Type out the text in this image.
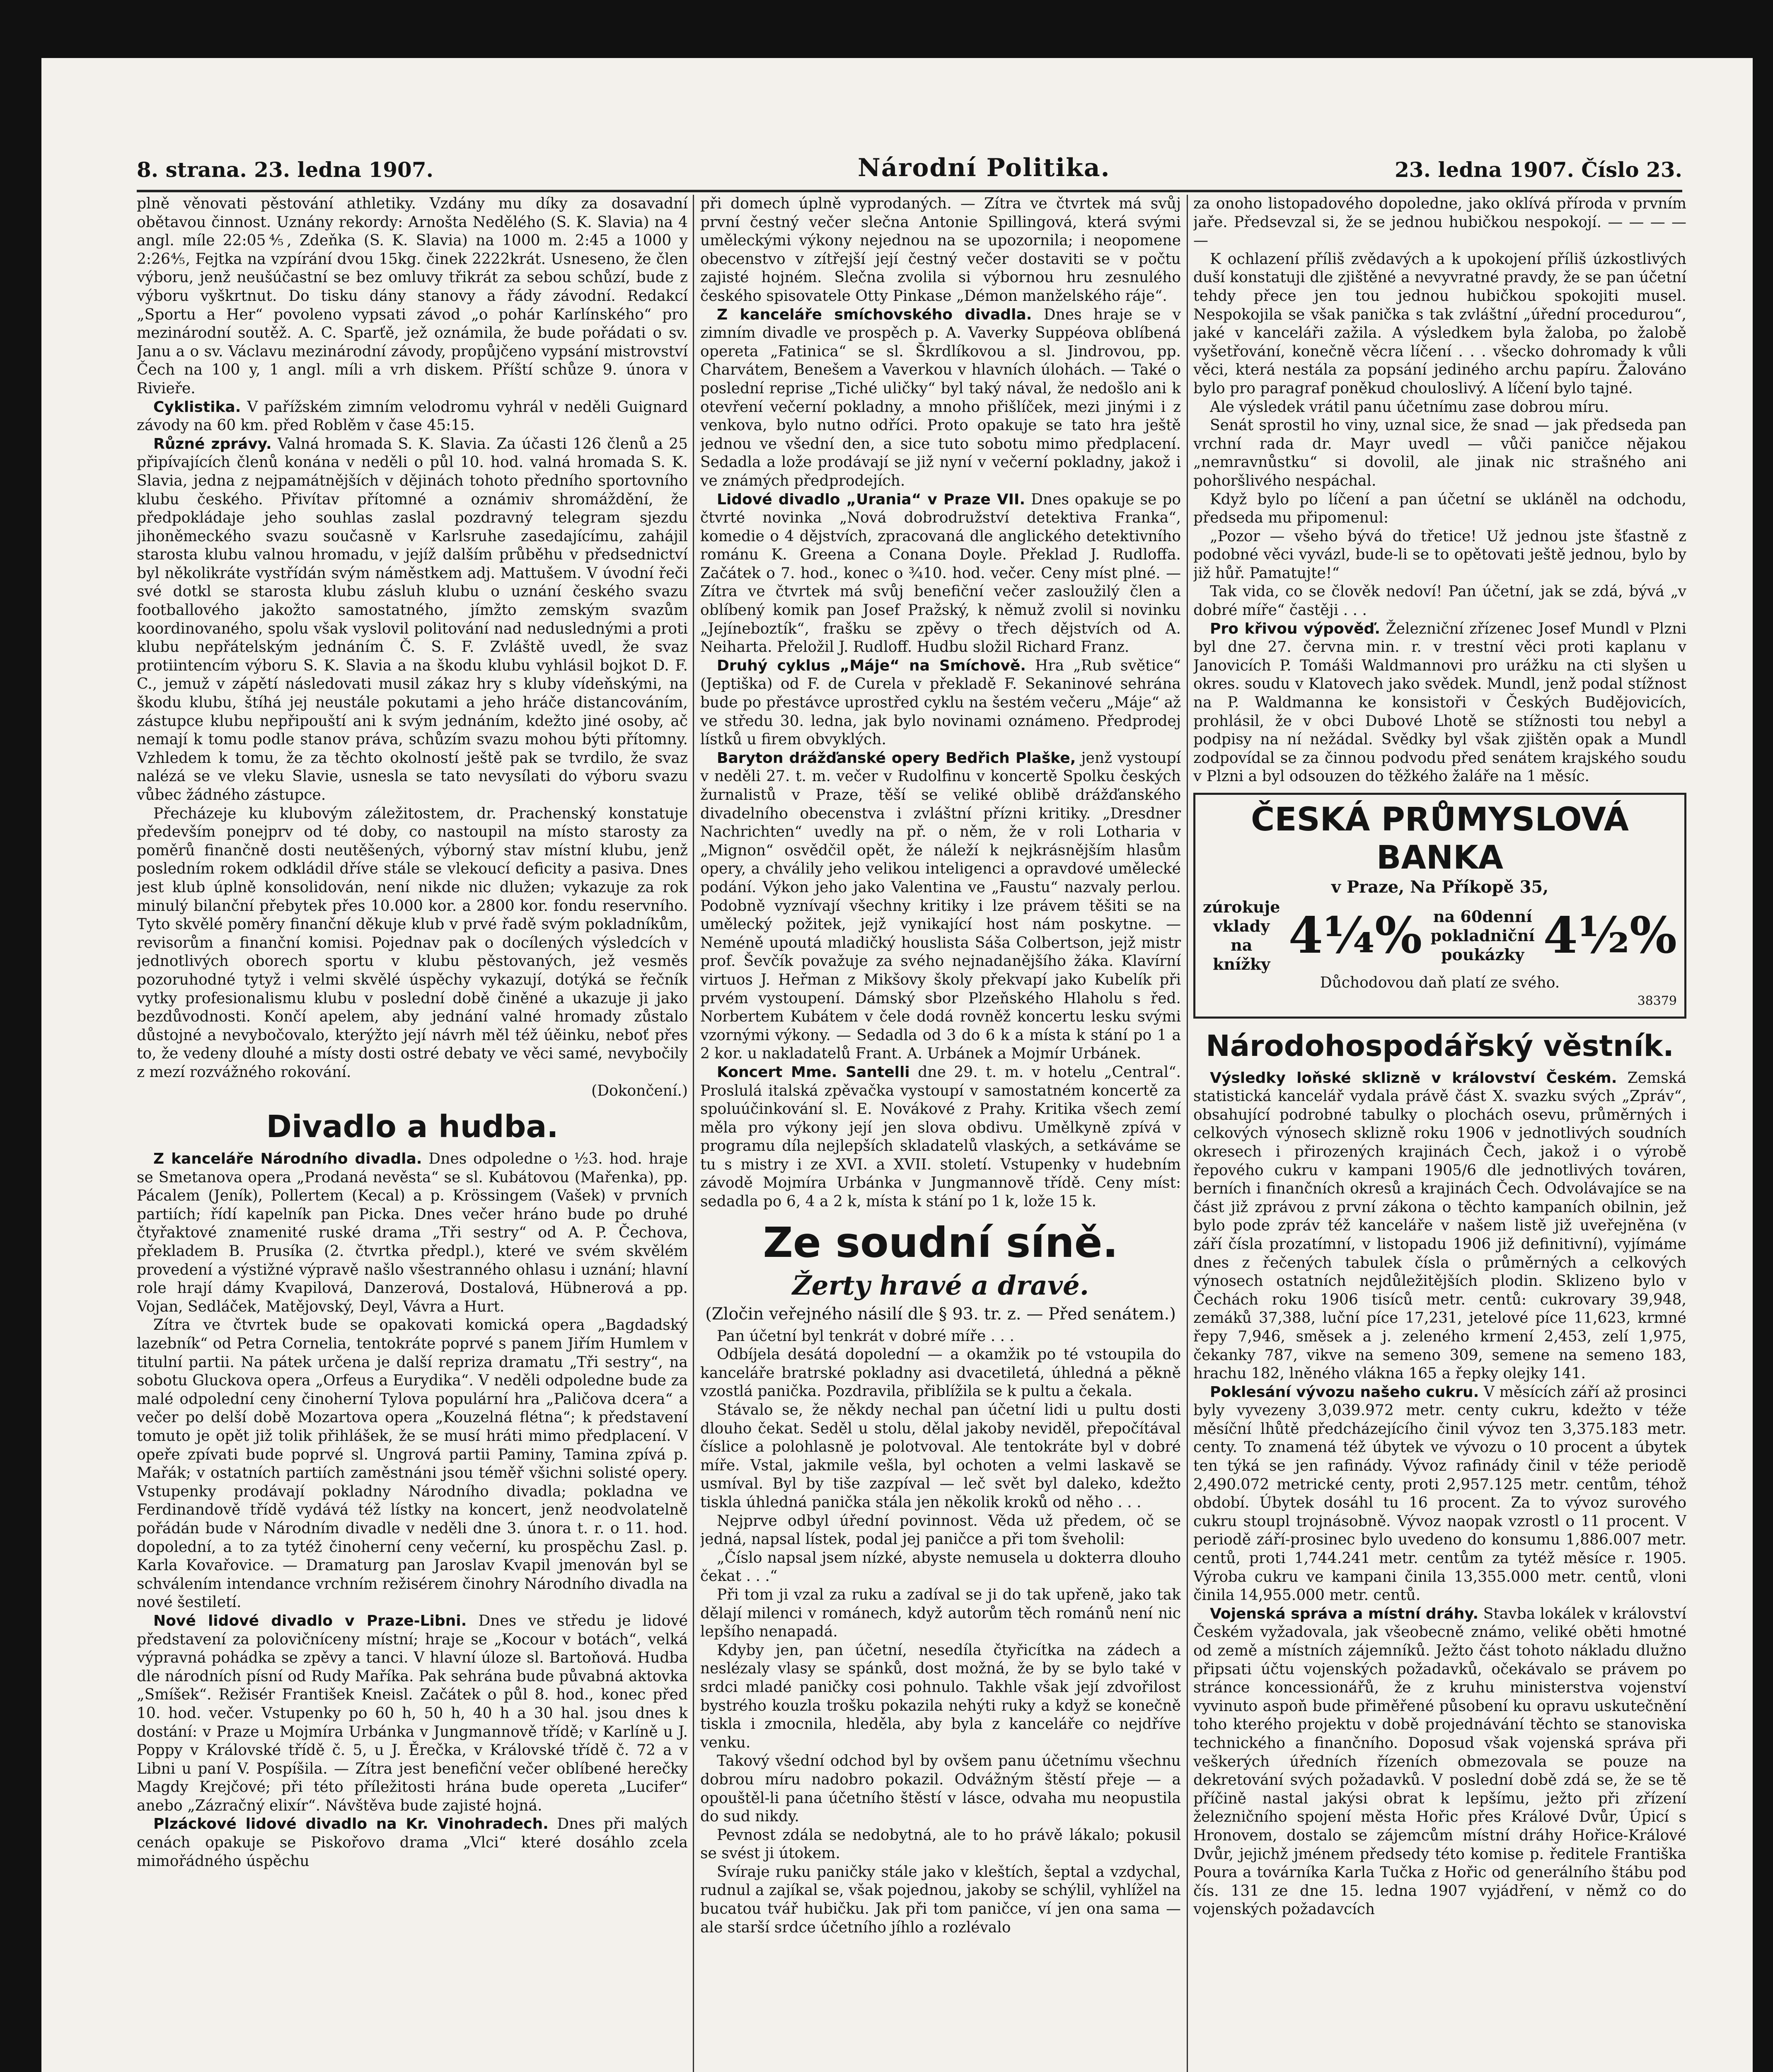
8. strana. 23. ledna 1907.	Národní Politika.	23. ledna 1907. Číslo 23.

plně věnovati pěstování athletiky. Vzdány mu díky za dosavadní obětavou činnost. Uznány rekordy: Arnošta Nedělého (S. K. Slavia) na 4 angl. míle 22:05⅘, Zdeňka (S. K. Slavia) na 1000 m. 2:45 a 1000 y 2:26⅘, Fejtka na vzpírání dvou 15kg. činek 2222krát. Usneseno, že člen výboru, jenž neušúčastní se bez omluvy třikrát za sebou schůzí, bude z výboru vyškrtnut. Do tisku dány stanovy a řády závodní. Redakcí „Sportu a Her“ povoleno vypsati závod „o pohár Karlínského“ pro mezinárodní soutěž. A. C. Sparťě, jež oznámila, že bude pořádati o sv. Janu a o sv. Václavu mezinárodní závody, propůjčeno vypsání mistrovství Čech na 100 y, 1 angl. míli a vrh diskem. Příští schůze 9. února v Rivieře.

Cyklistika. V pařížském zimním velodromu vyhrál v neděli Guignard závody na 60 km. před Roblěm v čase 45:15.

Různé zprávy. Valná hromada S. K. Slavia. Za účasti 126 členů a 25 připívajících členů konána v neděli o půl 10. hod. valná hromada S. K. Slavia, jedna z nejpamátnějších v dějinách tohoto předního sportovního klubu českého. Přivítav přítomné a oznámiv shromáždění, že předpokládaje jeho souhlas zaslal pozdravný telegram sjezdu jihoněmeckého svazu současně v Karlsruhe zasedajícímu, zahájil starosta klubu valnou hromadu, v jejíž dalším průběhu v předsednictví byl několikráte vystřídán svým náměstkem adj. Mattušem. V úvodní řeči své dotkl se starosta klubu zásluh klubu o uznání českého svazu footballového jakožto samostatného, jímžto zemským svazům koordinovaného, spolu však vyslovil politování nad neduslednými a proti klubu nepřátelským jednáním Č. S. F. Zvláště uvedl, že svaz protiintencím výboru S. K. Slavia a na škodu klubu vyhlásil bojkot D. F. C., jemuž v zápětí následovati musil zákaz hry s kluby vídeňskými, na škodu klubu, štíhá jej neustále pokutami a jeho hráče distancováním, zástupce klubu nepřipouští ani k svým jednáním, kdežto jiné osoby, ač nemají k tomu podle stanov práva, schůzím svazu mohou býti přítomny. Vzhledem k tomu, že za těchto okolností ještě pak se tvrdilo, že svaz nalézá se ve vleku Slavie, usnesla se tato nevysílati do výboru svazu vůbec žádného zástupce.

Přecházeje ku klubovým záležitostem, dr. Prachenský konstatuje především ponejprv od té doby, co nastoupil na místo starosty za poměrů finančně dosti neutěšených, výborný stav místní klubu, jenž posledním rokem odkládil dříve stále se vlekoucí deficity a pasiva. Dnes jest klub úplně konsolidován, není nikde nic dlužen; vykazuje za rok minulý bilanční přebytek přes 10.000 kor. a 2800 kor. fondu reservního. Tyto skvělé poměry finanční děkuje klub v prvé řadě svým pokladníkům, revisorům a finanční komisi. Pojednav pak o docílených výsledcích v jednotlivých oborech sportu v klubu pěstovaných, jež vesměs pozoruhodné tytyž i velmi skvělé úspěchy vykazují, dotýká se řečník vytky profesionalismu klubu v poslední době činěné a ukazuje ji jako bezdůvodnosti. Končí apelem, aby jednání valné hromady zůstalo důstojné a nevybočovalo, kterýžto její návrh měl též úěinku, neboť přes to, že vedeny dlouhé a místy dosti ostré debaty ve věci samé, nevybočily z mezí rozvážného rokování.

(Dokončení.)

Divadlo a hudba.

Z kanceláře Národního divadla. Dnes odpoledne o ½3. hod. hraje se Smetanova opera „Prodaná nevěsta“ se sl. Kubátovou (Mařenka), pp. Pácalem (Jeník), Pollertem (Kecal) a p. Krössingem (Vašek) v prvních partiích; řídí kapelník pan Picka. Dnes večer hráno bude po druhé čtyřaktové znamenité ruské drama „Tři sestry“ od A. P. Čechova, překladem B. Prusíka (2. čtvrtka předpl.), které ve svém skvělém provedení a výstižné výpravě našlo všestranného ohlasu i uznání; hlavní role hrají dámy Kvapilová, Danzerová, Dostalová, Hübnerová a pp. Vojan, Sedláček, Matějovský, Deyl, Vávra a Hurt.

Zítra ve čtvrtek bude se opakovati komická opera „Bagdadský lazebník“ od Petra Cornelia, tentokráte poprvé s panem Jiřím Humlem v titulní partii. Na pátek určena je další repriza dramatu „Tři sestry“, na sobotu Gluckova opera „Orfeus a Eurydika“. V neděli odpoledne bude za malé odpolední ceny činoherní Tylova populární hra „Paličova dcera“ a večer po delší době Mozartova opera „Kouzelná flétna“; k představení tomuto je opět již tolik přihlášek, že se musí hráti mimo předplacení. V opeře zpívati bude poprvé sl. Ungrová partii Paminy, Tamina zpívá p. Mařák; v ostatních partiích zaměstnáni jsou téměř všichni solisté opery. Vstupenky prodávají pokladny Národního divadla; pokladna ve Ferdinandově třídě vydává též lístky na koncert, jenž neodvolatelně pořádán bude v Národním divadle v neděli dne 3. února t. r. o 11. hod. dopolední, a to za tytéž činoherní ceny večerní, ku prospěchu Zasl. p. Karla Kovařovice. — Dramaturg pan Jaroslav Kvapil jmenován byl se schválením intendance vrchním režisérem činohry Národního divadla na nové šestiletí.

Nové lidové divadlo v Praze-Libni. Dnes ve středu je lidové představení za polovičníceny místní; hraje se „Kocour v botách“, velká výpravná pohádka se zpěvy a tanci. V hlavní úloze sl. Bartoňová. Hudba dle národních písní od Rudy Maříka. Pak sehrána bude půvabná aktovka „Smíšek“. Režisér František Kneisl. Začátek o půl 8. hod., konec před 10. hod. večer. Vstupenky po 60 h, 50 h, 40 h a 30 hal. jsou dnes k dostání: v Praze u Mojmíra Urbánka v Jungmannově třídě; v Karlíně u J. Poppy v Královské třídě č. 5, u J. Ěrečka, v Královské třídě č. 72 a v Libni u paní V. Pospíšila. — Zítra jest benefiční večer oblíbené herečky Magdy Krejčové; při této příležitosti hrána bude opereta „Lucifer“ anebo „Zázračný elixír“. Návštěva bude zajisté hojná.

Plzáckové lidové divadlo na Kr. Vinohradech. Dnes při malých cenách opakuje se Piskořovo drama „Vlci“ které dosáhlo zcela mimořádného úspěchu

při domech úplně vyprodaných. — Zítra ve čtvrtek má svůj první čestný večer slečna Antonie Spillingová, která svými uměleckými výkony nejednou na se upozornila; i neopomene obecenstvo v zítřejší její čestný večer dostaviti se v počtu zajisté hojném. Slečna zvolila si výbornou hru zesnulého českého spisovatele Otty Pinkase „Démon manželského ráje“.

Z kanceláře smíchovského divadla. Dnes hraje se v zimním divadle ve prospěch p. A. Vaverky Suppéova oblíbená opereta „Fatinica“ se sl. Škrdlíkovou a sl. Jindrovou, pp. Charvátem, Benešem a Vaverkou v hlavních úlohách. — Také o poslední reprise „Tiché uličky“ byl taký nával, že nedošlo ani k otevření večerní pokladny, a mnoho přišlíček, mezi jinými i z venkova, bylo nutno odříci. Proto opakuje se tato hra ještě jednou ve všední den, a sice tuto sobotu mimo předplacení. Sedadla a lože prodávají se již nyní v večerní pokladny, jakož i ve známých předprodejích.

Lidové divadlo „Urania“ v Praze VII. Dnes opakuje se po čtvrté novinka „Nová dobrodružství detektiva Franka“, komedie o 4 dějstvích, zpracovaná dle anglického detektivního románu K. Greena a Conana Doyle. Překlad J. Rudloffa. Začátek o 7. hod., konec o ¾10. hod. večer. Ceny míst plné. — Zítra ve čtvrtek má svůj benefiční večer zasloužilý člen a oblíbený komik pan Josef Pražský, k němuž zvolil si novinku „Jejíneboztík“, frašku se zpěvy o třech dějstvích od A. Neiharta. Přeložil J. Rudloff. Hudbu složil Richard Franz.

Druhý cyklus „Máje“ na Smíchově. Hra „Rub světice“ (Jeptiška) od F. de Curela v překladě F. Sekaninové sehrána bude po přestávce uprostřed cyklu na šestém večeru „Máje“ až ve středu 30. ledna, jak bylo novinami oznámeno. Předprodej lístků u firem obvyklých.

Baryton drážďanské opery Bedřich Plaške, jenž vystoupí v neděli 27. t. m. večer v Rudolfinu v koncertě Spolku českých žurnalistů v Praze, těší se veliké oblibě drážďanského divadelního obecenstva i zvláštní přízni kritiky. „Dresdner Nachrichten“ uvedly na př. o něm, že v roli Lotharia v „Mignon“ osvědčil opět, že náleží k nejkrásnějším hlasům opery, a chválily jeho velikou inteligenci a opravdové umělecké podání. Výkon jeho jako Valentina ve „Faustu“ nazvaly perlou. Podobně vyznívají všechny kritiky i lze právem těšiti se na umělecký požitek, jejž vynikající host nám poskytne. — Neméně upoutá mladičký houslista Sáša Colbertson, jejž mistr prof. Ševčík považuje za svého nejnadanějšího žáka. Klavírní virtuos J. Heřman z Mikšovy školy překvapí jako Kubelík při prvém vystoupení. Dámský sbor Plzeňského Hlaholu s řed. Norbertem Kubátem v čele dodá rovněž koncertu lesku svými vzornými výkony. — Sedadla od 3 do 6 k a místa k stání po 1 a 2 kor. u nakladatelů Frant. A. Urbánek a Mojmír Urbánek.

Koncert Mme. Santelli dne 29. t. m. v hotelu „Central“. Proslulá italská zpěvačka vystoupí v samostatném koncertě za spoluúčinkování sl. E. Novákové z Prahy. Kritika všech zemí měla pro výkony její jen slova obdivu. Umělkyně zpívá v programu díla nejlepších skladatelů vlaských, a setkáváme se tu s mistry i ze XVI. a XVII. století. Vstupenky v hudebním závodě Mojmíra Urbánka v Jungmannově třídě. Ceny míst: sedadla po 6, 4 a 2 k, místa k stání po 1 k, lože 15 k.

Ze soudní síně.
Žerty hravé a dravé.
(Zločin veřejného násilí dle § 93. tr. z. — Před senátem.)

Pan účetní byl tenkrát v dobré míře . . .

Odbíjela desátá dopolední — a okamžik po té vstoupila do kanceláře bratrské pokladny asi dvacetiletá, úhledná a pěkně vzostlá panička. Pozdravila, přiblížila se k pultu a čekala.

Stávalo se, že někdy nechal pan účetní lidi u pultu dosti dlouho čekat. Seděl u stolu, dělal jakoby neviděl, přepočítával číslice a polohlasně je polotvoval. Ale tentokráte byl v dobré míře. Vstal, jakmile vešla, byl ochoten a velmi laskavě se usmíval. Byl by tiše zazpíval — leč svět byl daleko, kdežto tiskla úhledná panička stála jen několik kroků od něho . . .

Nejprve odbyl úřední povinnost. Věda už předem, oč se jedná, napsal lístek, podal jej paničce a při tom šveholil:

„Číslo napsal jsem nízké, abyste nemusela u dokterra dlouho čekat . . .“

Při tom ji vzal za ruku a zadíval se ji do tak upřeně, jako tak dělají milenci v románech, když autorům těch románů není nic lepšího nenapadá.

Kdyby jen, pan účetní, nesedíla čtyřicítka na zádech a neslézaly vlasy se spánků, dost možná, že by se bylo také v srdci mladé paničky cosi pohnulo. Takhle však její zdvořilost bystrého kouzla trošku pokazila nehýti ruky a když se konečně tiskla i zmocnila, hleděla, aby byla z kanceláře co nejdříve venku.

Takový všední odchod byl by ovšem panu účetnímu všechnu dobrou míru nadobro pokazil. Odvážným štěstí přeje — a opouštěl-li pana účetního štěstí v lásce, odvaha mu neopustila do sud nikdy.

Pevnost zdála se nedobytná, ale to ho právě lákalo; pokusil se svést ji útokem.

Svíraje ruku paničky stále jako v kleštích, šeptal a vzdychal, rudnul a zajíkal se, však pojednou, jakoby se schýlil, vyhlížel na bucatou tvář hubičku. Jak při tom paničce, ví jen ona sama — ale starší srdce účetního jíhlo a rozlévalo

za onoho listopadového dopoledne, jako oklívá příroda v prvním jaře. Předsevzal si, že se jednou hubičkou nespokojí. — — — — —

K ochlazení příliš zvědavých a k upokojení příliš úzkostlivých duší konstatuji dle zjištěné a nevyvratné pravdy, že se pan účetní tehdy přece jen tou jednou hubičkou spokojiti musel. Nespokojila se však panička s tak zvláštní „úřední procedurou“, jaké v kanceláři zažila. A výsledkem byla žaloba, po žalobě vyšetřování, konečně věcra líčení . . . všecko dohromady k vůli věci, která nestála za popsání jediného archu papíru. Žalováno bylo pro paragraf poněkud chouloslivý. A líčení bylo tajné.

Ale výsledek vrátil panu účetnímu zase dobrou míru.

Senát sprostil ho viny, uznal sice, že snad — jak předseda pan vrchní rada dr. Mayr uvedl — vůči paničce nějakou „nemravnůstku“ si dovolil, ale jinak nic strašného ani pohoršlivého nespáchal.

Když bylo po líčení a pan účetní se ukláněl na odchodu, předseda mu připomenul:

„Pozor — všeho bývá do třetice! Už jednou jste šťastně z podobné věci vyvázl, bude-li se to opětovati ještě jednou, bylo by již hůř. Pamatujte!“

Tak vida, co se člověk nedoví! Pan účetní, jak se zdá, bývá „v dobré míře“ častěji . . .

Pro křivou výpověď. Železniční zřízenec Josef Mundl v Plzni byl dne 27. června min. r. v trestní věci proti kaplanu v Janovicích P. Tomáši Waldmannovi pro urážku na cti slyšen u okres. soudu v Klatovech jako svědek. Mundl, jenž podal stížnost na P. Waldmanna ke konsistoři v Českých Budějovicích, prohlásil, že v obci Dubové Lhotě se stížnosti tou nebyl a podpisy na ní nežádal. Svědky byl však zjištěn opak a Mundl zodpovídal se za činnou podvodu před senátem krajského soudu v Plzni a byl odsouzen do těžkého žaláře na 1 měsíc.

ČESKÁ PRŮMYSLOVÁ BANKA
v Praze, Na Příkopě 35,
zúrokuje vklady
na knížky 4¼% na 60denní pokladniční
poukázky 4½%
Důchodovou daň platí ze svého.
38379
Národohospodářský věstník.

Výsledky loňské sklizně v království Českém. Zemská statistická kancelář vydala právě část X. svazku svých „Zpráv“, obsahující podrobné tabulky o plochách osevu, průměrných i celkových výnosech sklizně roku 1906 v jednotlivých soudních okresech i přirozených krajinách Čech, jakož i o výrobě řepového cukru v kampani 1905/6 dle jednotlivých továren, berních i finančních okresů a krajinách Čech. Odvolávajíce se na část již zprávou z první zákona o těchto kampaních obilnin, jež bylo pode zpráv též kanceláře v našem listě již uveřejněna (v září čísla prozatímní, v listopadu 1906 již definitivní), vyjímáme dnes z řečených tabulek čísla o průměrných a celkových výnosech ostatních nejdůležitějších plodin. Sklizeno bylo v Čechách roku 1906 tisíců metr. centů: cukrovary 39,948, zemáků 37,388, luční píce 17,231, jetelové píce 11,623, krmné řepy 7,946, směsek a j. zeleného krmení 2,453, zelí 1,975, čekanky 787, vikve na semeno 309, semene na semeno 183, hrachu 182, lněného vlákna 165 a řepky olejky 141.

Poklesání vývozu našeho cukru. V měsících září až prosinci byly vyvezeny 3,039.972 metr. centy cukru, kdežto v téže měsíční lhůtě předcházejícího činil vývoz ten 3,375.183 metr. centy. To znamená též úbytek ve vývozu o 10 procent a úbytek ten týká se jen rafinády. Vývoz rafinády činil v téže periodě 2,490.072 metrické centy, proti 2,957.125 metr. centům, téhož období. Úbytek dosáhl tu 16 procent. Za to vývoz surového cukru stoupl trojnásobně. Vývoz naopak vzrostl o 11 procent. V periodě září-prosinec bylo uvedeno do konsumu 1,886.007 metr. centů, proti 1,744.241 metr. centům za tytéž měsíce r. 1905. Výroba cukru ve kampani činila 13,355.000 metr. centů, vloni činila 14,955.000 metr. centů.

Vojenská správa a místní dráhy. Stavba lokálek v království Českém vyžadovala, jak všeobecně známo, veliké oběti hmotné od země a místních zájemníků. Ježto část tohoto nákladu dlužno připsati účtu vojenských požadavků, očekávalo se právem po stránce koncessionářů, že z kruhu ministerstva vojenství vyvinuto aspoň bude přiměřené působení ku opravu uskutečnění toho kterého projektu v době projednávání těchto se stanoviska technického a finančního. Doposud však vojenská správa při veškerých úředních řízeních obmezovala se pouze na dekretování svých požadavků. V poslední době zdá se, že se tě příčině nastal jakýsi obrat k lepšímu, ježto při zřízení železničního spojení města Hořic přes Králové Dvůr, Úpicí s Hronovem, dostalo se zájemcům místní dráhy Hořice-Králové Dvůr, jejichž jménem předsedy této komise p. ředitele Františka Poura a továrníka Karla Tučka z Hořic od generálního štábu pod čís. 131 ze dne 15. ledna 1907 vyjádření, v němž co do vojenských požadavcích
